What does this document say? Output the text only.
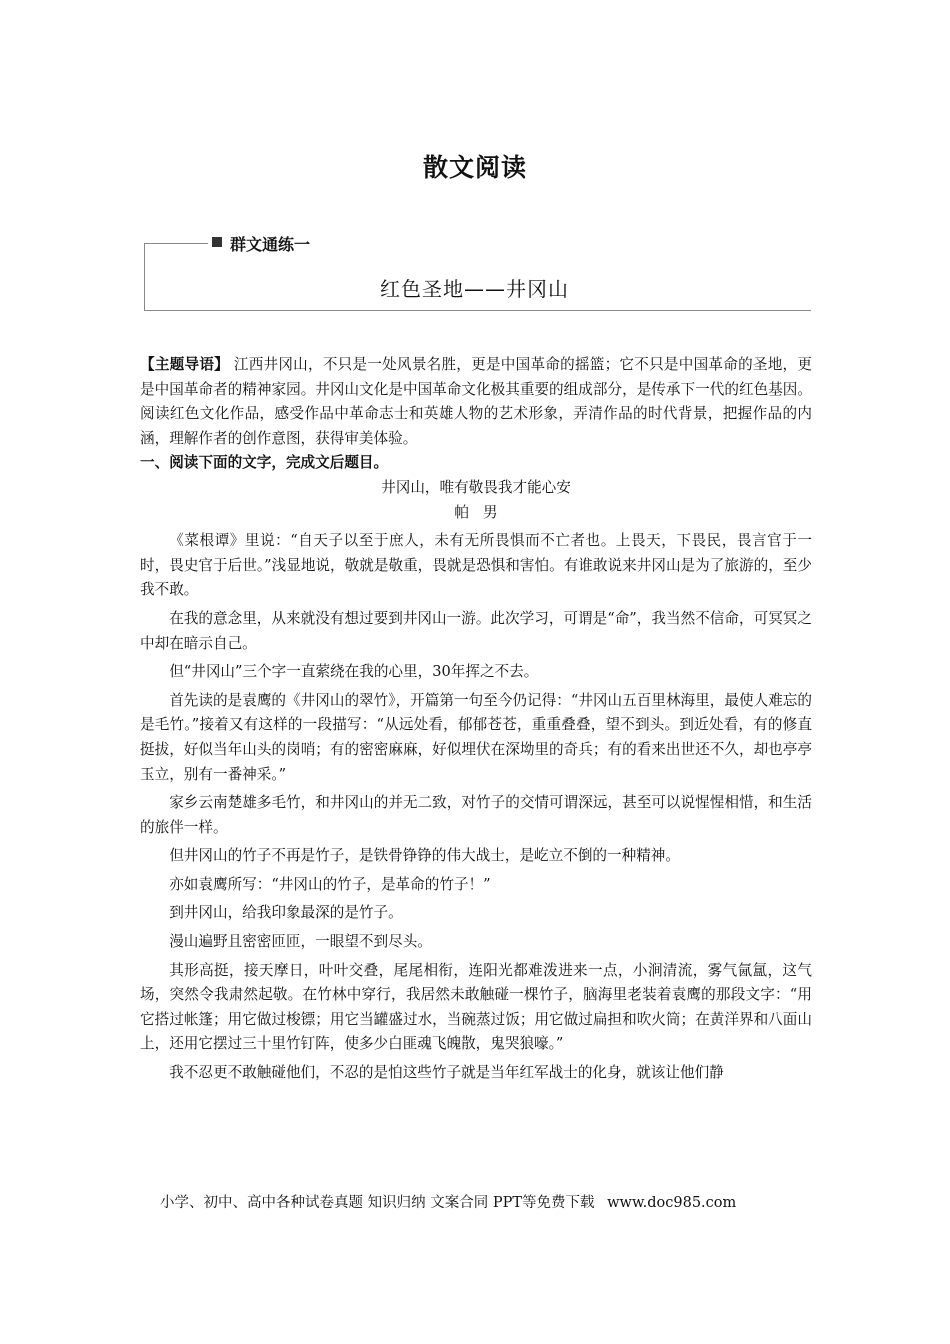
散文阅读
群文通练一
红色圣地——井冈山

【主题导语】 江西井冈山，不只是一处风景名胜，更是中国革命的摇篮；它不只是中国革命的圣地，更是中国革命者的精神家园。井冈山文化是中国革命文化极其重要的组成部分，是传承下一代的红色基因。阅读红色文化作品，感受作品中革命志士和英雄人物的艺术形象，弄清作品的时代背景，把握作品的内涵，理解作者的创作意图，获得审美体验。

一、阅读下面的文字，完成文后题目。

井冈山，唯有敬畏我才能心安

帕男

《菜根谭》里说：“自天子以至于庶人，未有无所畏惧而不亡者也。上畏天，下畏民，畏言官于一时，畏史官于后世。”浅显地说，敬就是敬重，畏就是恐惧和害怕。有谁敢说来井冈山是为了旅游的，至少我不敢。

在我的意念里，从来就没有想过要到井冈山一游。此次学习，可谓是“命”，我当然不信命，可冥冥之中却在暗示自己。

但“井冈山”三个字一直萦绕在我的心里，30年挥之不去。

首先读的是袁鹰的《井冈山的翠竹》，开篇第一句至今仍记得：“井冈山五百里林海里，最使人难忘的是毛竹。”接着又有这样的一段描写：“从远处看，郁郁苍苍，重重叠叠，望不到头。到近处看，有的修直挺拔，好似当年山头的岗哨；有的密密麻麻，好似埋伏在深坳里的奇兵；有的看来出世还不久，却也亭亭玉立，别有一番神采。”

家乡云南楚雄多毛竹，和井冈山的并无二致，对竹子的交情可谓深远，甚至可以说惺惺相惜，和生活的旅伴一样。

但井冈山的竹子不再是竹子，是铁骨铮铮的伟大战士，是屹立不倒的一种精神。

亦如袁鹰所写：“井冈山的竹子，是革命的竹子！”

到井冈山，给我印象最深的是竹子。

漫山遍野且密密匝匝，一眼望不到尽头。

其形高挺，接天摩日，叶叶交叠，尾尾相衔，连阳光都难泼进来一点，小涧清流，雾气氤氲，这气场，突然令我肃然起敬。在竹林中穿行，我居然未敢触碰一棵竹子，脑海里老装着袁鹰的那段文字：“用它搭过帐篷；用它做过梭镖；用它当罐盛过水，当碗蒸过饭；用它做过扁担和吹火筒；在黄洋界和八面山上，还用它摆过三十里竹钉阵，使多少白匪魂飞魄散，鬼哭狼嚎。”

我不忍更不敢触碰他们，不忍的是怕这些竹子就是当年红军战士的化身，就该让他们静

小学、初中、高中各种试卷真题 知识归纳 文案合同 PPT等免费下载 www.doc985.com
